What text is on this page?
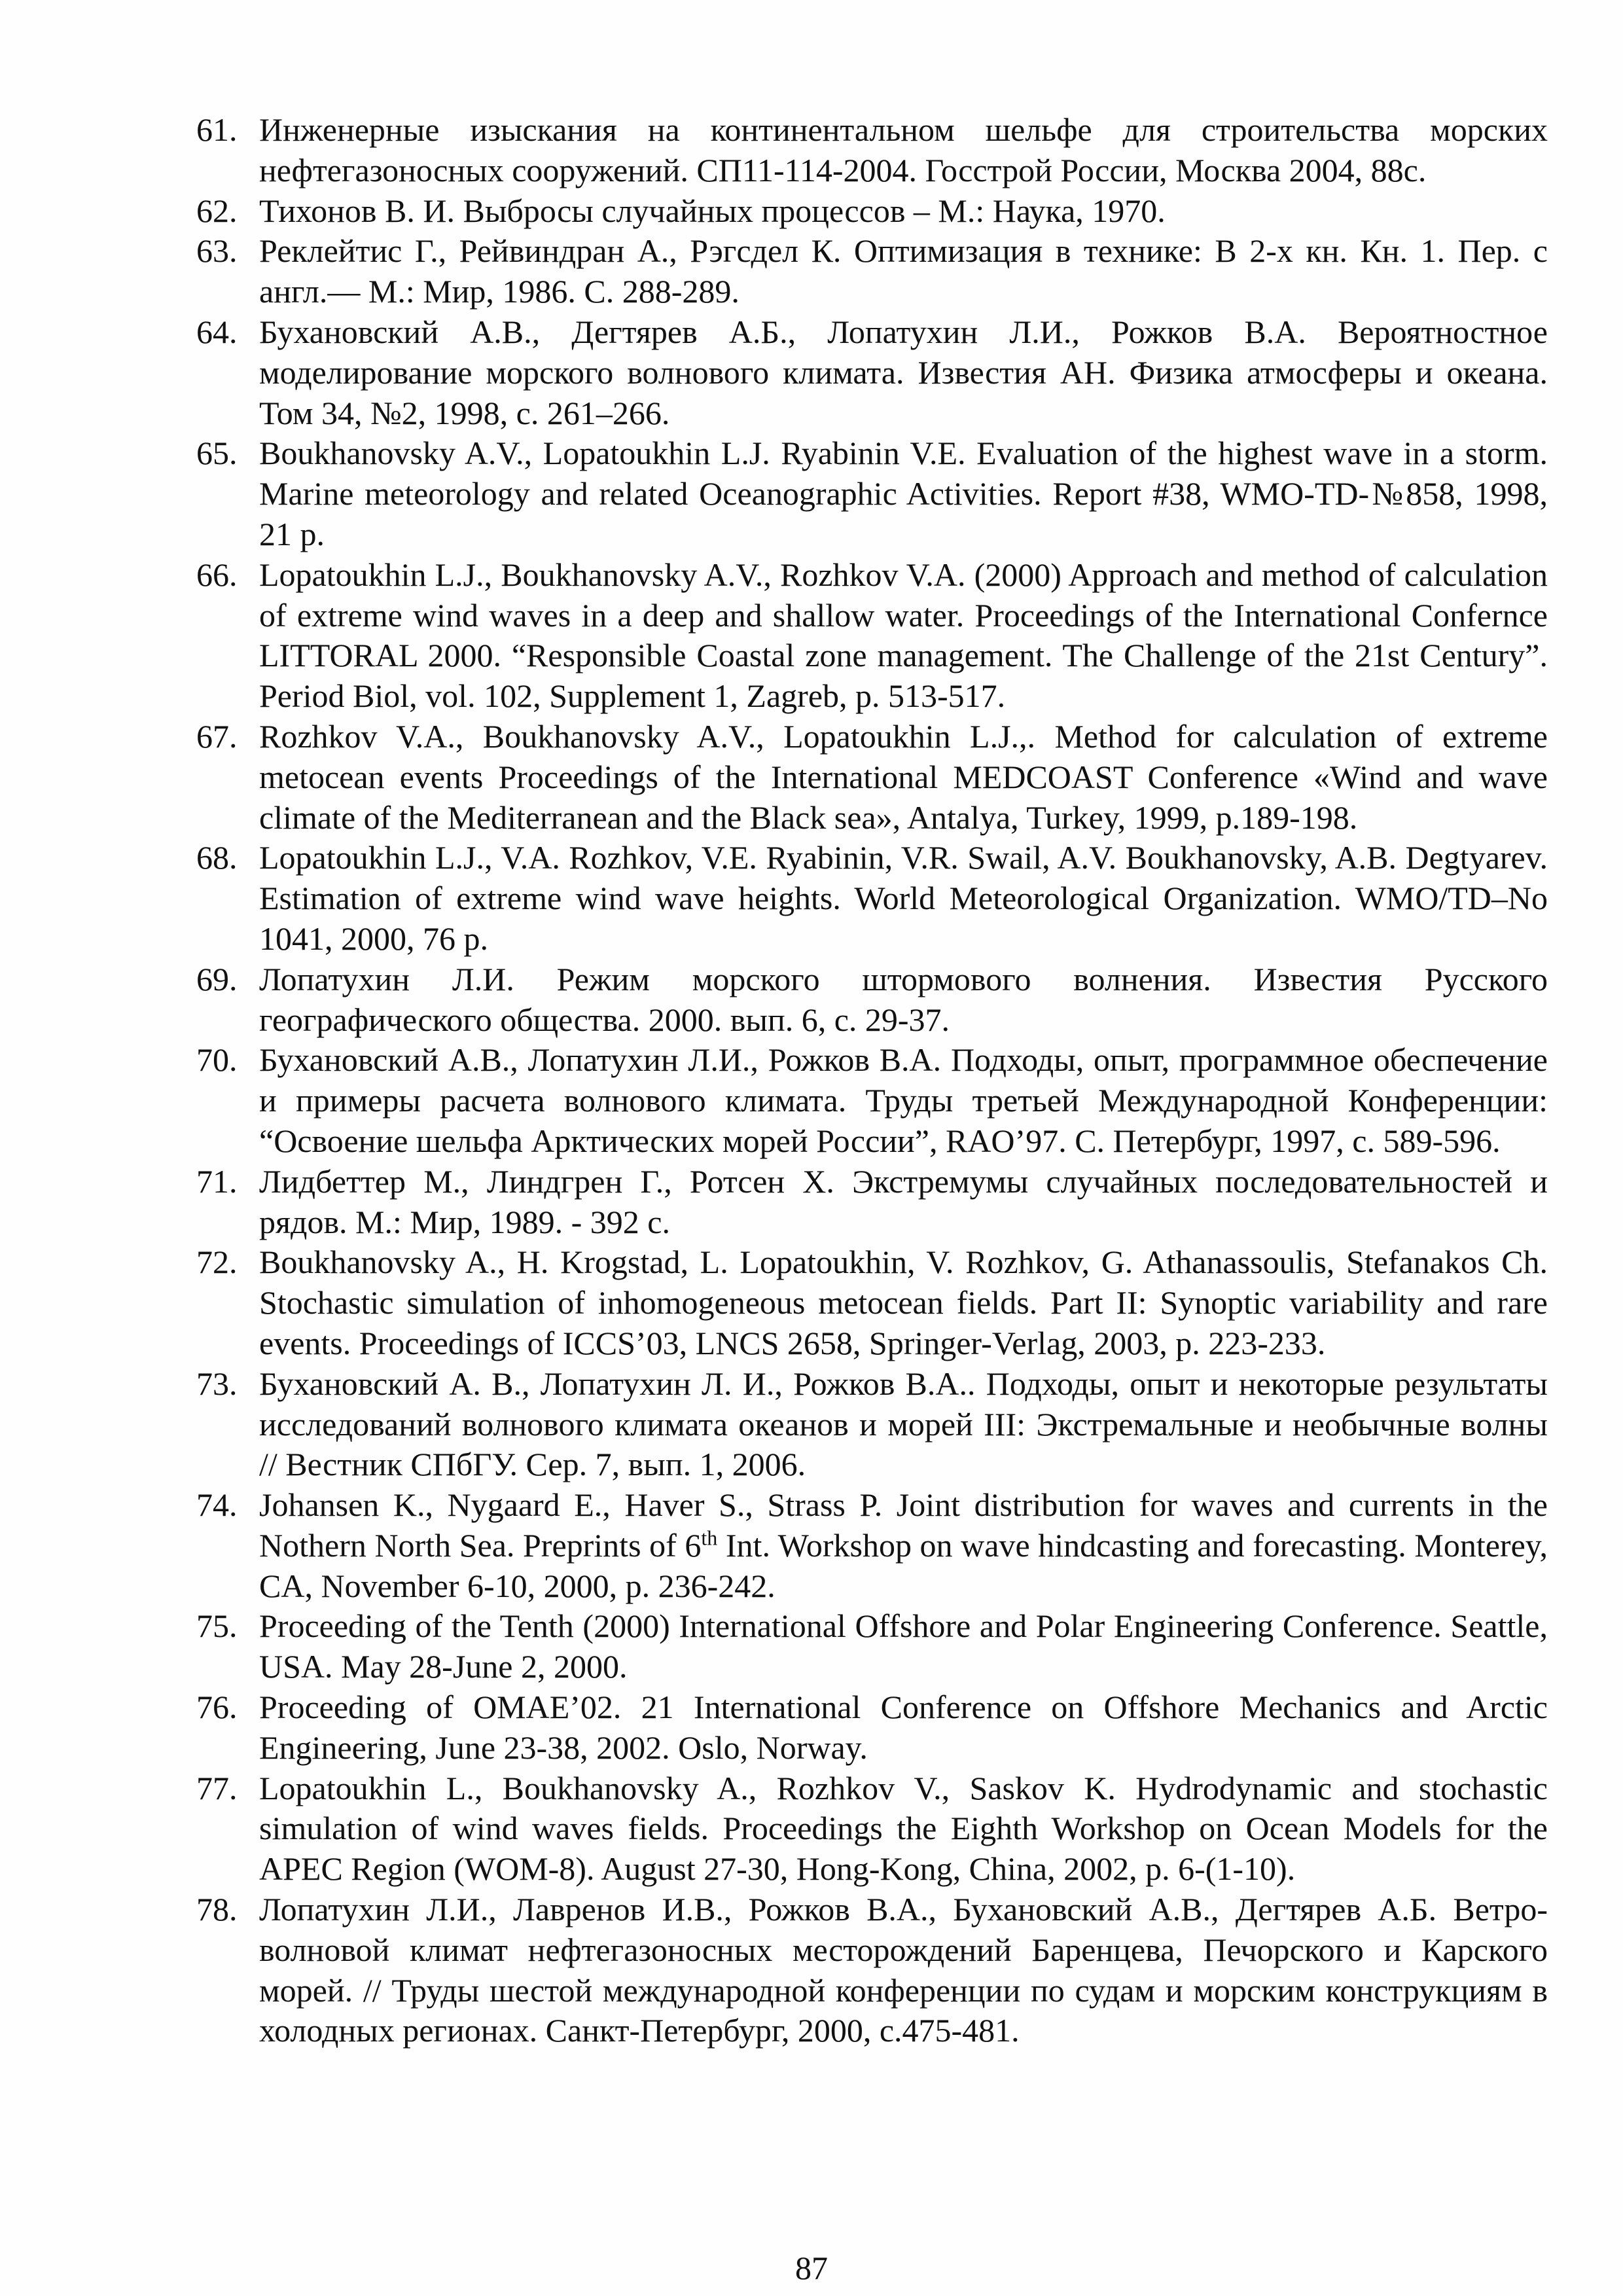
61. Инженерные изыскания на континентальном шельфе для строительства морских нефтегазоносных сооружений. СП11-114-2004. Госстрой России, Москва 2004, 88с.
62. Тихонов В. И. Выбросы случайных процессов – М.: Наука, 1970.
63. Реклейтис Г., Рейвиндран А., Рэгсдел К. Оптимизация в технике: В 2-х кн. Кн. 1. Пер. с англ.— М.: Мир, 1986. С. 288-289.
64. Бухановский А.В., Дегтярев А.Б., Лопатухин Л.И., Рожков В.А. Вероятностное моделирование морского волнового климата. Известия АН. Физика атмосферы и океана. Том 34, №2, 1998, с. 261–266.
65. Boukhanovsky A.V., Lopatoukhin L.J. Ryabinin V.E. Evaluation of the highest wave in a storm. Marine meteorology and related Oceanographic Activities. Report #38, WMO-TD-№858, 1998, 21 p.
66. Lopatoukhin L.J., Boukhanovsky A.V., Rozhkov V.A. (2000) Approach and method of calculation of extreme wind waves in a deep and shallow water. Proceedings of the International Confernce LITTORAL 2000. “Responsible Coastal zone management. The Challenge of the 21st Century”. Period Biol, vol. 102, Supplement 1, Zagreb, p. 513-517.
67. Rozhkov V.A., Boukhanovsky A.V., Lopatoukhin L.J.,. Method for calculation of extreme metocean events Proceedings of the International MEDCOAST Conference «Wind and wave climate of the Mediterranean and the Black sea», Antalya, Turkey, 1999, p.189-198.
68. Lopatoukhin L.J., V.A. Rozhkov, V.E. Ryabinin, V.R. Swail, A.V. Boukhanovsky, A.B. Degtyarev. Estimation of extreme wind wave heights. World Meteorological Organization. WMO/TD–No 1041, 2000, 76 p.
69. Лопатухин Л.И. Режим морского штормового волнения. Известия Русского географического общества. 2000. вып. 6, с. 29-37.
70. Бухановский А.В., Лопатухин Л.И., Рожков В.А. Подходы, опыт, программное обеспечение и примеры расчета волнового климата. Труды третьей Международной Конференции: “Освоение шельфа Арктических морей России”, RAO’97. С. Петербург, 1997, с. 589-596.
71. Лидбеттер М., Линдгрен Г., Ротсен Х. Экстремумы случайных последовательностей и рядов. М.: Мир, 1989. - 392 с.
72. Boukhanovsky A., H. Krogstad, L. Lopatoukhin, V. Rozhkov, G. Athanassoulis, Stefanakos Ch. Stochastic simulation of inhomogeneous metocean fields. Part II: Synoptic variability and rare events. Proceedings of ICCS’03, LNCS 2658, Springer-Verlag, 2003, p. 223-233.
73. Бухановский А. В., Лопатухин Л. И., Рожков В.А.. Подходы, опыт и некоторые результаты исследований волнового климата океанов и морей III: Экстремальные и необычные волны // Вестник СПбГУ. Сер. 7, вып. 1, 2006.
74. Johansen K., Nygaard E., Haver S., Strass P. Joint distribution for waves and currents in the Nothern North Sea. Preprints of 6th Int. Workshop on wave hindcasting and forecasting. Monterey, CA, November 6-10, 2000, p. 236-242.
75. Proceeding of the Tenth (2000) International Offshore and Polar Engineering Conference. Seattle, USA. May 28-June 2, 2000.
76. Proceeding of OMAE’02. 21 International Conference on Offshore Mechanics and Arctic Engineering, June 23-38, 2002. Oslo, Norway.
77. Lopatoukhin L., Boukhanovsky A., Rozhkov V., Saskov K. Hydrodynamic and stochastic simulation of wind waves fields. Proceedings the Eighth Workshop on Ocean Models for the APEC Region (WOM-8). August 27-30, Hong-Kong, China, 2002, p. 6-(1-10).
78. Лопатухин Л.И., Лавренов И.В., Рожков В.А., Бухановский А.В., Дегтярев А.Б. Ветро-волновой климат нефтегазоносных месторождений Баренцева, Печорского и Карского морей. // Труды шестой международной конференции по судам и морским конструкциям в холодных регионах. Санкт-Петербург, 2000, с.475-481.
87
